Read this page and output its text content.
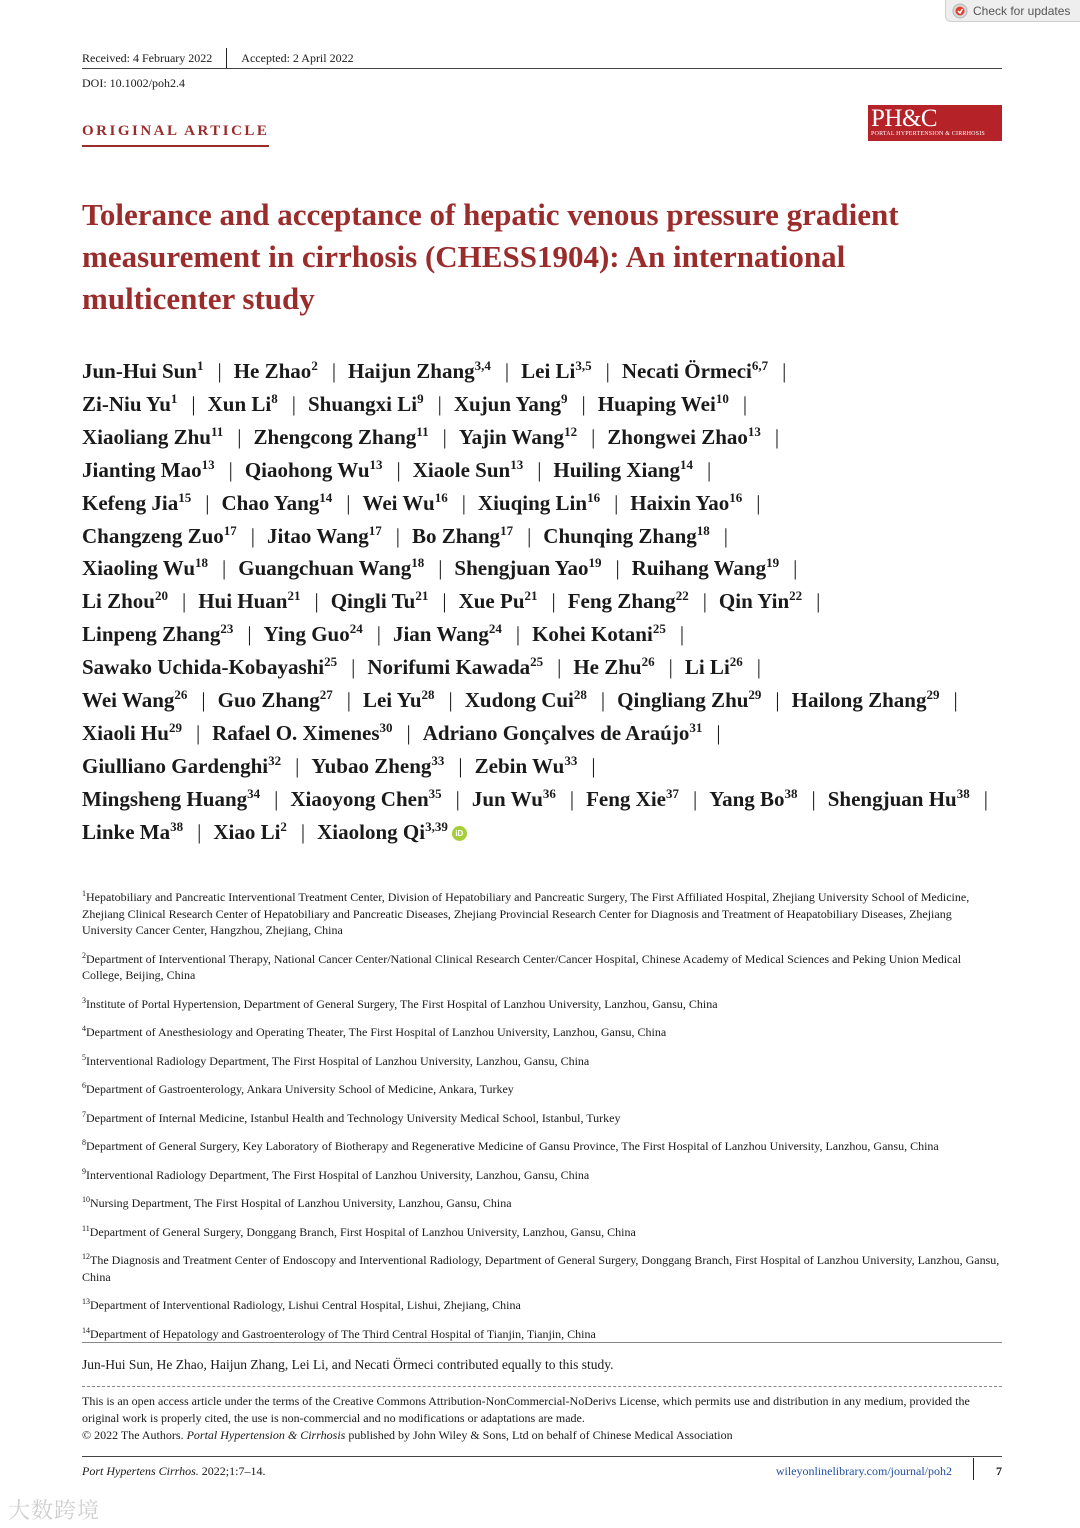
Check for updates
Received: 4 February 2022 Accepted: 2 April 2022
DOI: 10.1002/poh2.4
ORIGINAL ARTICLE	PH&C
PORTAL HYPERTENSION & CIRRHOSIS
Tolerance and acceptance of hepatic venous pressure gradient measurement in cirrhosis (CHESS1904): An international multicenter study
Jun-Hui Sun$^1$ | He Zhao$^2$ | Haijun Zhang$^{3,4}$ | Lei Li$^{3,5}$ | Necati Örmeci$^{6,7}$ |
Zi-Niu Yu$^1$ | Xun Li$^8$ | Shuangxi Li$^9$ | Xujun Yang$^9$ | Huaping Wei$^{10}$ |
Xiaoliang Zhu$^{11}$ | Zhengcong Zhang$^{11}$ | Yajin Wang$^{12}$ | Zhongwei Zhao$^{13}$ |
Jianting Mao$^{13}$ | Qiaohong Wu$^{13}$ | Xiaole Sun$^{13}$ | Huiling Xiang$^{14}$ |
Kefeng Jia$^{15}$ | Chao Yang$^{14}$ | Wei Wu$^{16}$ | Xiuqing Lin$^{16}$ | Haixin Yao$^{16}$ |
Changzeng Zuo$^{17}$ | Jitao Wang$^{17}$ | Bo Zhang$^{17}$ | Chunqing Zhang$^{18}$ |
Xiaoling Wu$^{18}$ | Guangchuan Wang$^{18}$ | Shengjuan Yao$^{19}$ | Ruihang Wang$^{19}$ |
Li Zhou$^{20}$ | Hui Huan$^{21}$ | Qingli Tu$^{21}$ | Xue Pu$^{21}$ | Feng Zhang$^{22}$ | Qin Yin$^{22}$ |
Linpeng Zhang$^{23}$ | Ying Guo$^{24}$ | Jian Wang$^{24}$ | Kohei Kotani$^{25}$ |
Sawako Uchida-Kobayashi$^{25}$ | Norifumi Kawada$^{25}$ | He Zhu$^{26}$ | Li Li$^{26}$ |
Wei Wang$^{26}$ | Guo Zhang$^{27}$ | Lei Yu$^{28}$ | Xudong Cui$^{28}$ | Qingliang Zhu$^{29}$ | Hailong Zhang$^{29}$ |
Xiaoli Hu$^{29}$ | Rafael O. Ximenes$^{30}$ | Adriano Gonçalves de Araújo$^{31}$ |
Giulliano Gardenghi$^{32}$ | Yubao Zheng$^{33}$ | Zebin Wu$^{33}$ |
Mingsheng Huang$^{34}$ | Xiaoyong Chen$^{35}$ | Jun Wu$^{36}$ | Feng Xie$^{37}$ | Yang Bo$^{38}$ | Shengjuan Hu$^{38}$ |
Linke Ma$^{38}$ | Xiao Li$^2$ | Xiaolong Qi$^{3,39}$iD
$^1$Hepatobiliary and Pancreatic Interventional Treatment Center, Division of Hepatobiliary and Pancreatic Surgery, The First Affiliated Hospital, Zhejiang University School of Medicine, Zhejiang Clinical Research Center of Hepatobiliary and Pancreatic Diseases, Zhejiang Provincial Research Center for Diagnosis and Treatment of Heapatobiliary Diseases, Zhejiang University Cancer Center, Hangzhou, Zhejiang, China
$^2$Department of Interventional Therapy, National Cancer Center/National Clinical Research Center/Cancer Hospital, Chinese Academy of Medical Sciences and Peking Union Medical College, Beijing, China
$^3$Institute of Portal Hypertension, Department of General Surgery, The First Hospital of Lanzhou University, Lanzhou, Gansu, China
$^4$Department of Anesthesiology and Operating Theater, The First Hospital of Lanzhou University, Lanzhou, Gansu, China
$^5$Interventional Radiology Department, The First Hospital of Lanzhou University, Lanzhou, Gansu, China
$^6$Department of Gastroenterology, Ankara University School of Medicine, Ankara, Turkey
$^7$Department of Internal Medicine, Istanbul Health and Technology University Medical School, Istanbul, Turkey
$^8$Department of General Surgery, Key Laboratory of Biotherapy and Regenerative Medicine of Gansu Province, The First Hospital of Lanzhou University, Lanzhou, Gansu, China
$^9$Interventional Radiology Department, The First Hospital of Lanzhou University, Lanzhou, Gansu, China
$^{10}$Nursing Department, The First Hospital of Lanzhou University, Lanzhou, Gansu, China
$^{11}$Department of General Surgery, Donggang Branch, First Hospital of Lanzhou University, Lanzhou, Gansu, China
$^{12}$The Diagnosis and Treatment Center of Endoscopy and Interventional Radiology, Department of General Surgery, Donggang Branch, First Hospital of Lanzhou University, Lanzhou, Gansu, China
$^{13}$Department of Interventional Radiology, Lishui Central Hospital, Lishui, Zhejiang, China
$^{14}$Department of Hepatology and Gastroenterology of The Third Central Hospital of Tianjin, Tianjin, China
Jun-Hui Sun, He Zhao, Haijun Zhang, Lei Li, and Necati Örmeci contributed equally to this study.
This is an open access article under the terms of the Creative Commons Attribution-NonCommercial-NoDerivs License, which permits use and distribution in any medium, provided the original work is properly cited, the use is non-commercial and no modifications or adaptations are made.
© 2022 The Authors. Portal Hypertension & Cirrhosis published by John Wiley & Sons, Ltd on behalf of Chinese Medical Association
Port Hypertens Cirrhos. 2022;1:7–14.	wileyonlinelibrary.com/journal/poh2	7
大数跨境
